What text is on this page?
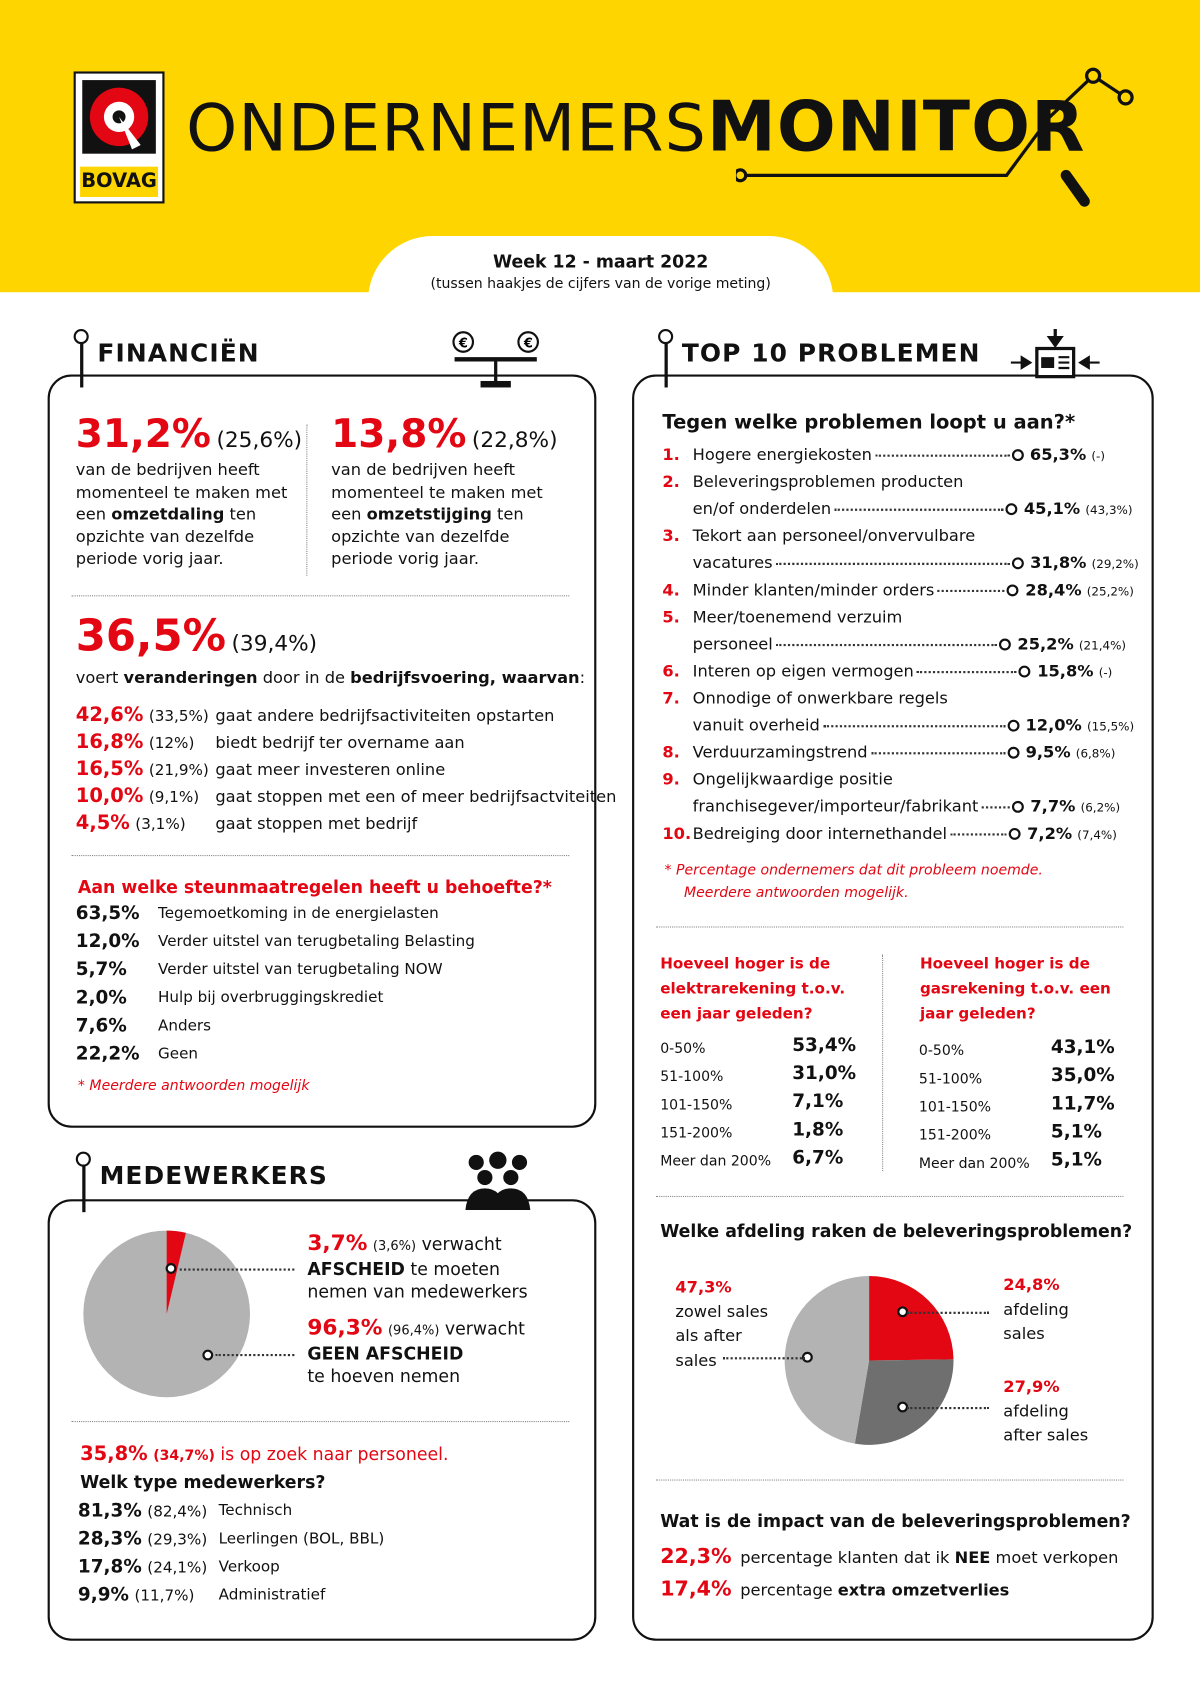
BOVAG
ONDERNEMERSMONITOR
Week 12 - maart 2022
(tussen haakjes de cijfers van de vorige meting)
FINANCIËN	€	€
31,2% (25,6%)
van de bedrijven heeft
momenteel te maken met
een omzetdaling ten
opzichte van dezelfde
periode vorig jaar.
13,8% (22,8%)
van de bedrijven heeft
momenteel te maken met
een omzetstijging ten
opzichte van dezelfde
periode vorig jaar.
36,5% (39,4%)
voert veranderingen door in de bedrijfsvoering, waarvan:
42,6% (33,5%) gaat andere bedrijfsactiviteiten opstarten
16,8% (12%) biedt bedrijf ter overname aan
16,5% (21,9%) gaat meer investeren online
10,0% (9,1%) gaat stoppen met een of meer bedrijfsactviteiten
4,5% (3,1%) gaat stoppen met bedrijf
Aan welke steunmaatregelen heeft u behoefte?*
63,5% Tegemoetkoming in de energielasten
12,0% Verder uitstel van terugbetaling Belasting
5,7% Verder uitstel van terugbetaling NOW
2,0% Hulp bij overbruggingskrediet
7,6% Anders
22,2% Geen
* Meerdere antwoorden mogelijk
MEDEWERKERS
3,7% (3,6%) verwacht
AFSCHEID te moeten
nemen van medewerkers
96,3% (96,4%) verwacht
GEEN AFSCHEID
te hoeven nemen
35,8% (34,7%) is op zoek naar personeel.
Welk type medewerkers?
81,3% (82,4%) Technisch
28,3% (29,3%) Leerlingen (BOL, BBL)
17,8% (24,1%) Verkoop
9,9% (11,7%) Administratief
TOP 10 PROBLEMEN
Tegen welke problemen loopt u aan?*
1. Hogere energiekosten	65,3% (-)
2. Beleveringsproblemen producten
en/of onderdelen	45,1% (43,3%)
3. Tekort aan personeel/onvervulbare
vacatures	31,8% (29,2%)
4. Minder klanten/minder orders	28,4% (25,2%)
5. Meer/toenemend verzuim
personeel	25,2% (21,4%)
6. Interen op eigen vermogen	15,8% (-)
7. Onnodige of onwerkbare regels
vanuit overheid	12,0% (15,5%)
8. Verduurzamingstrend	9,5% (6,8%)
9. Ongelijkwaardige positie
franchisegever/importeur/fabrikant	7,7% (6,2%)
10. Bedreiging door internethandel	7,2% (7,4%)
* Percentage ondernemers dat dit probleem noemde.
Meerdere antwoorden mogelijk.
Hoeveel hoger is de
elektrarekening t.o.v.
een jaar geleden?
Hoeveel hoger is de
gasrekening t.o.v. een
jaar geleden?
0-50%	53,4%
51-100%	31,0%
101-150%	7,1%
151-200%	1,8%
Meer dan 200% 6,7%
0-50%	43,1%
51-100%	35,0%
101-150%	11,7%
151-200%	5,1%
Meer dan 200% 5,1%
Welke afdeling raken de beleveringsproblemen?
47,3%
zowel sales
als after
sales
24,8%
afdeling
sales
27,9%
afdeling
after sales
Wat is de impact van de beleveringsproblemen?
22,3% percentage klanten dat ik NEE moet verkopen
17,4% percentage extra omzetverlies
